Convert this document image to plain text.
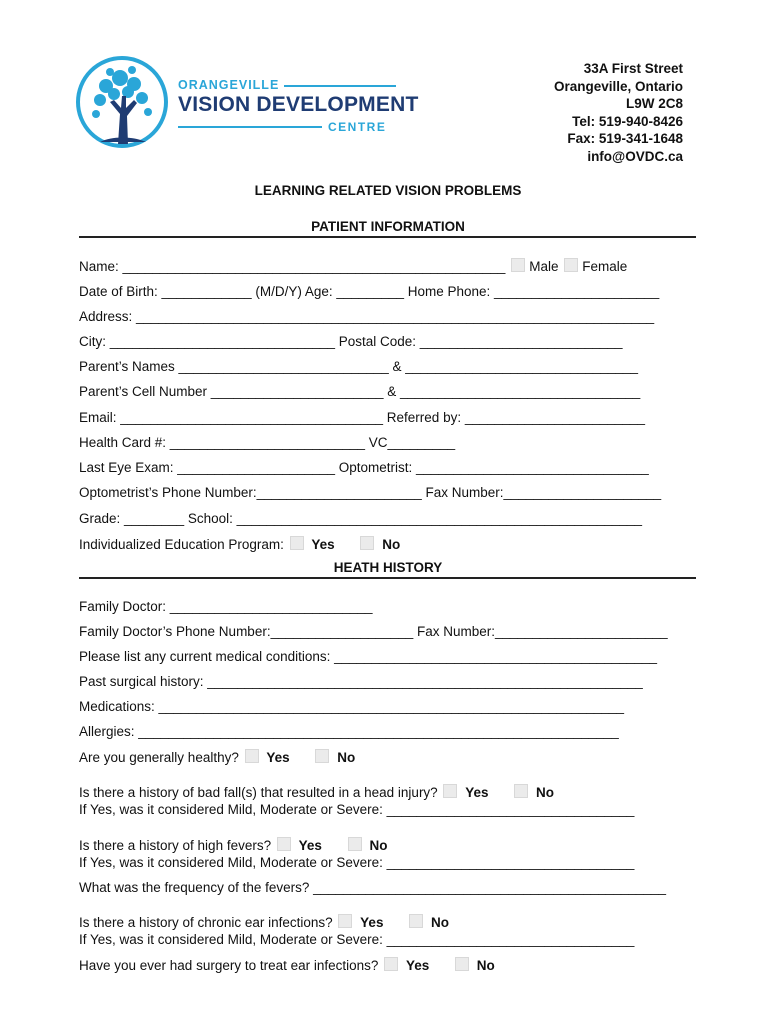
ORANGEVILLE
VISION DEVELOPMENT
CENTRE
33A First Street
Orangeville, Ontario
L9W 2C8
Tel: 519-940-8426
Fax: 519-341-1648
info@OVDC.ca
LEARNING RELATED VISION PROBLEMS
PATIENT INFORMATION
Name: ___________________________________________________ Male Female
Date of Birth: ____________ (M/D/Y) Age: _________ Home Phone: ______________________
Address: _____________________________________________________________________
City: ______________________________ Postal Code: ___________________________
Parent’s Names ____________________________ & _______________________________
Parent’s Cell Number _______________________ & ________________________________
Email: ___________________________________ Referred by: ________________________
Health Card #: __________________________ VC_________
Last Eye Exam: _____________________ Optometrist: _______________________________
Optometrist’s Phone Number:______________________ Fax Number:_____________________
Grade: ________ School: ______________________________________________________
Individualized Education Program: Yes	No
HEATH HISTORY
Family Doctor: ___________________________
Family Doctor’s Phone Number:___________________ Fax Number:_______________________
Please list any current medical conditions: ___________________________________________
Past surgical history: __________________________________________________________
Medications: ______________________________________________________________
Allergies: ________________________________________________________________
Are you generally healthy? Yes	No
Is there a history of bad fall(s) that resulted in a head injury? Yes	No
If Yes, was it considered Mild, Moderate or Severe: _________________________________
Is there a history of high fevers? Yes	No
If Yes, was it considered Mild, Moderate or Severe: _________________________________
What was the frequency of the fevers? _______________________________________________
Is there a history of chronic ear infections? Yes	No
If Yes, was it considered Mild, Moderate or Severe: _________________________________
Have you ever had surgery to treat ear infections? Yes	No
